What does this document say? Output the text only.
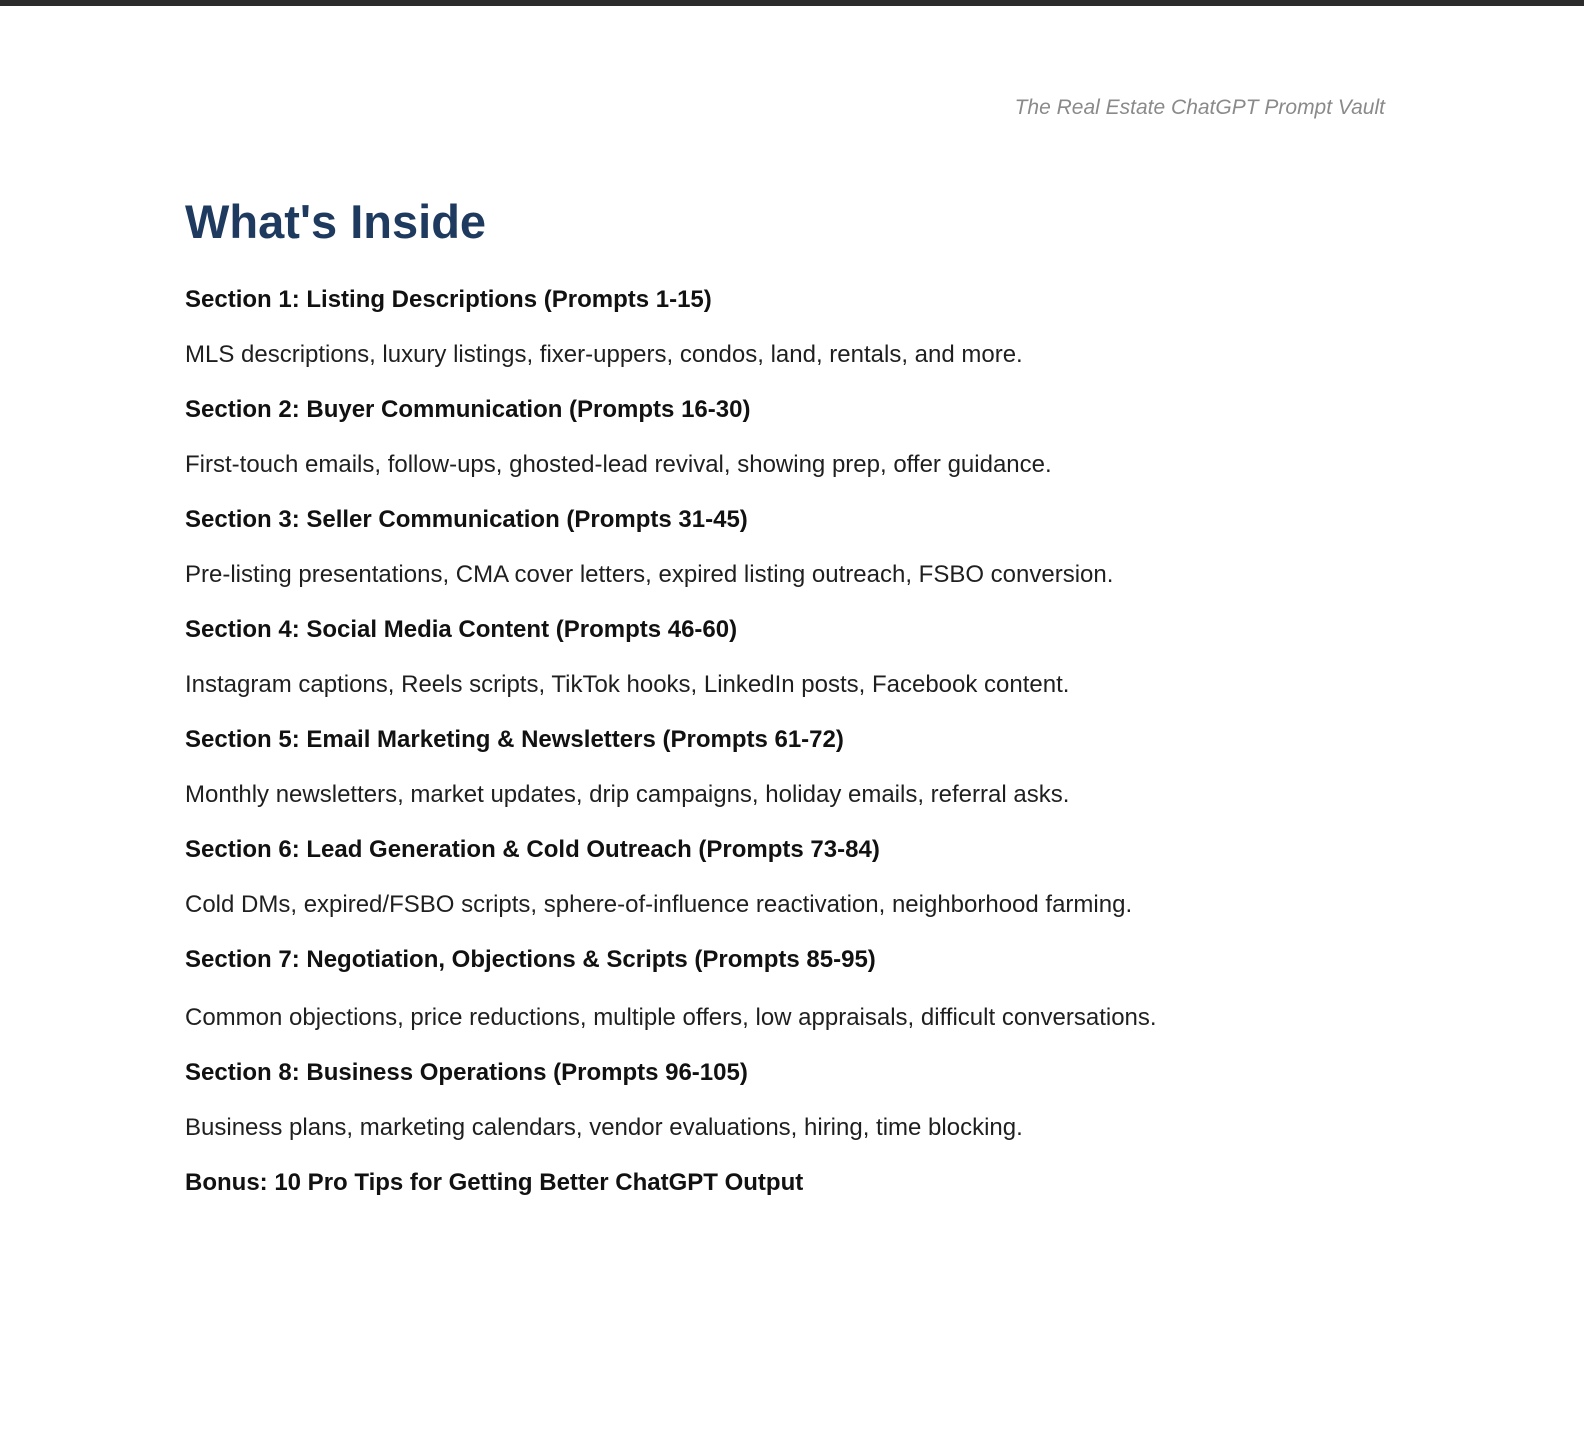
The Real Estate ChatGPT Prompt Vault
What's Inside
Section 1: Listing Descriptions (Prompts 1-15)
MLS descriptions, luxury listings, fixer-uppers, condos, land, rentals, and more.
Section 2: Buyer Communication (Prompts 16-30)
First-touch emails, follow-ups, ghosted-lead revival, showing prep, offer guidance.
Section 3: Seller Communication (Prompts 31-45)
Pre-listing presentations, CMA cover letters, expired listing outreach, FSBO conversion.
Section 4: Social Media Content (Prompts 46-60)
Instagram captions, Reels scripts, TikTok hooks, LinkedIn posts, Facebook content.
Section 5: Email Marketing & Newsletters (Prompts 61-72)
Monthly newsletters, market updates, drip campaigns, holiday emails, referral asks.
Section 6: Lead Generation & Cold Outreach (Prompts 73-84)
Cold DMs, expired/FSBO scripts, sphere-of-influence reactivation, neighborhood farming.
Section 7: Negotiation, Objections & Scripts (Prompts 85-95)
Common objections, price reductions, multiple offers, low appraisals, difficult conversations.
Section 8: Business Operations (Prompts 96-105)
Business plans, marketing calendars, vendor evaluations, hiring, time blocking.
Bonus: 10 Pro Tips for Getting Better ChatGPT Output
